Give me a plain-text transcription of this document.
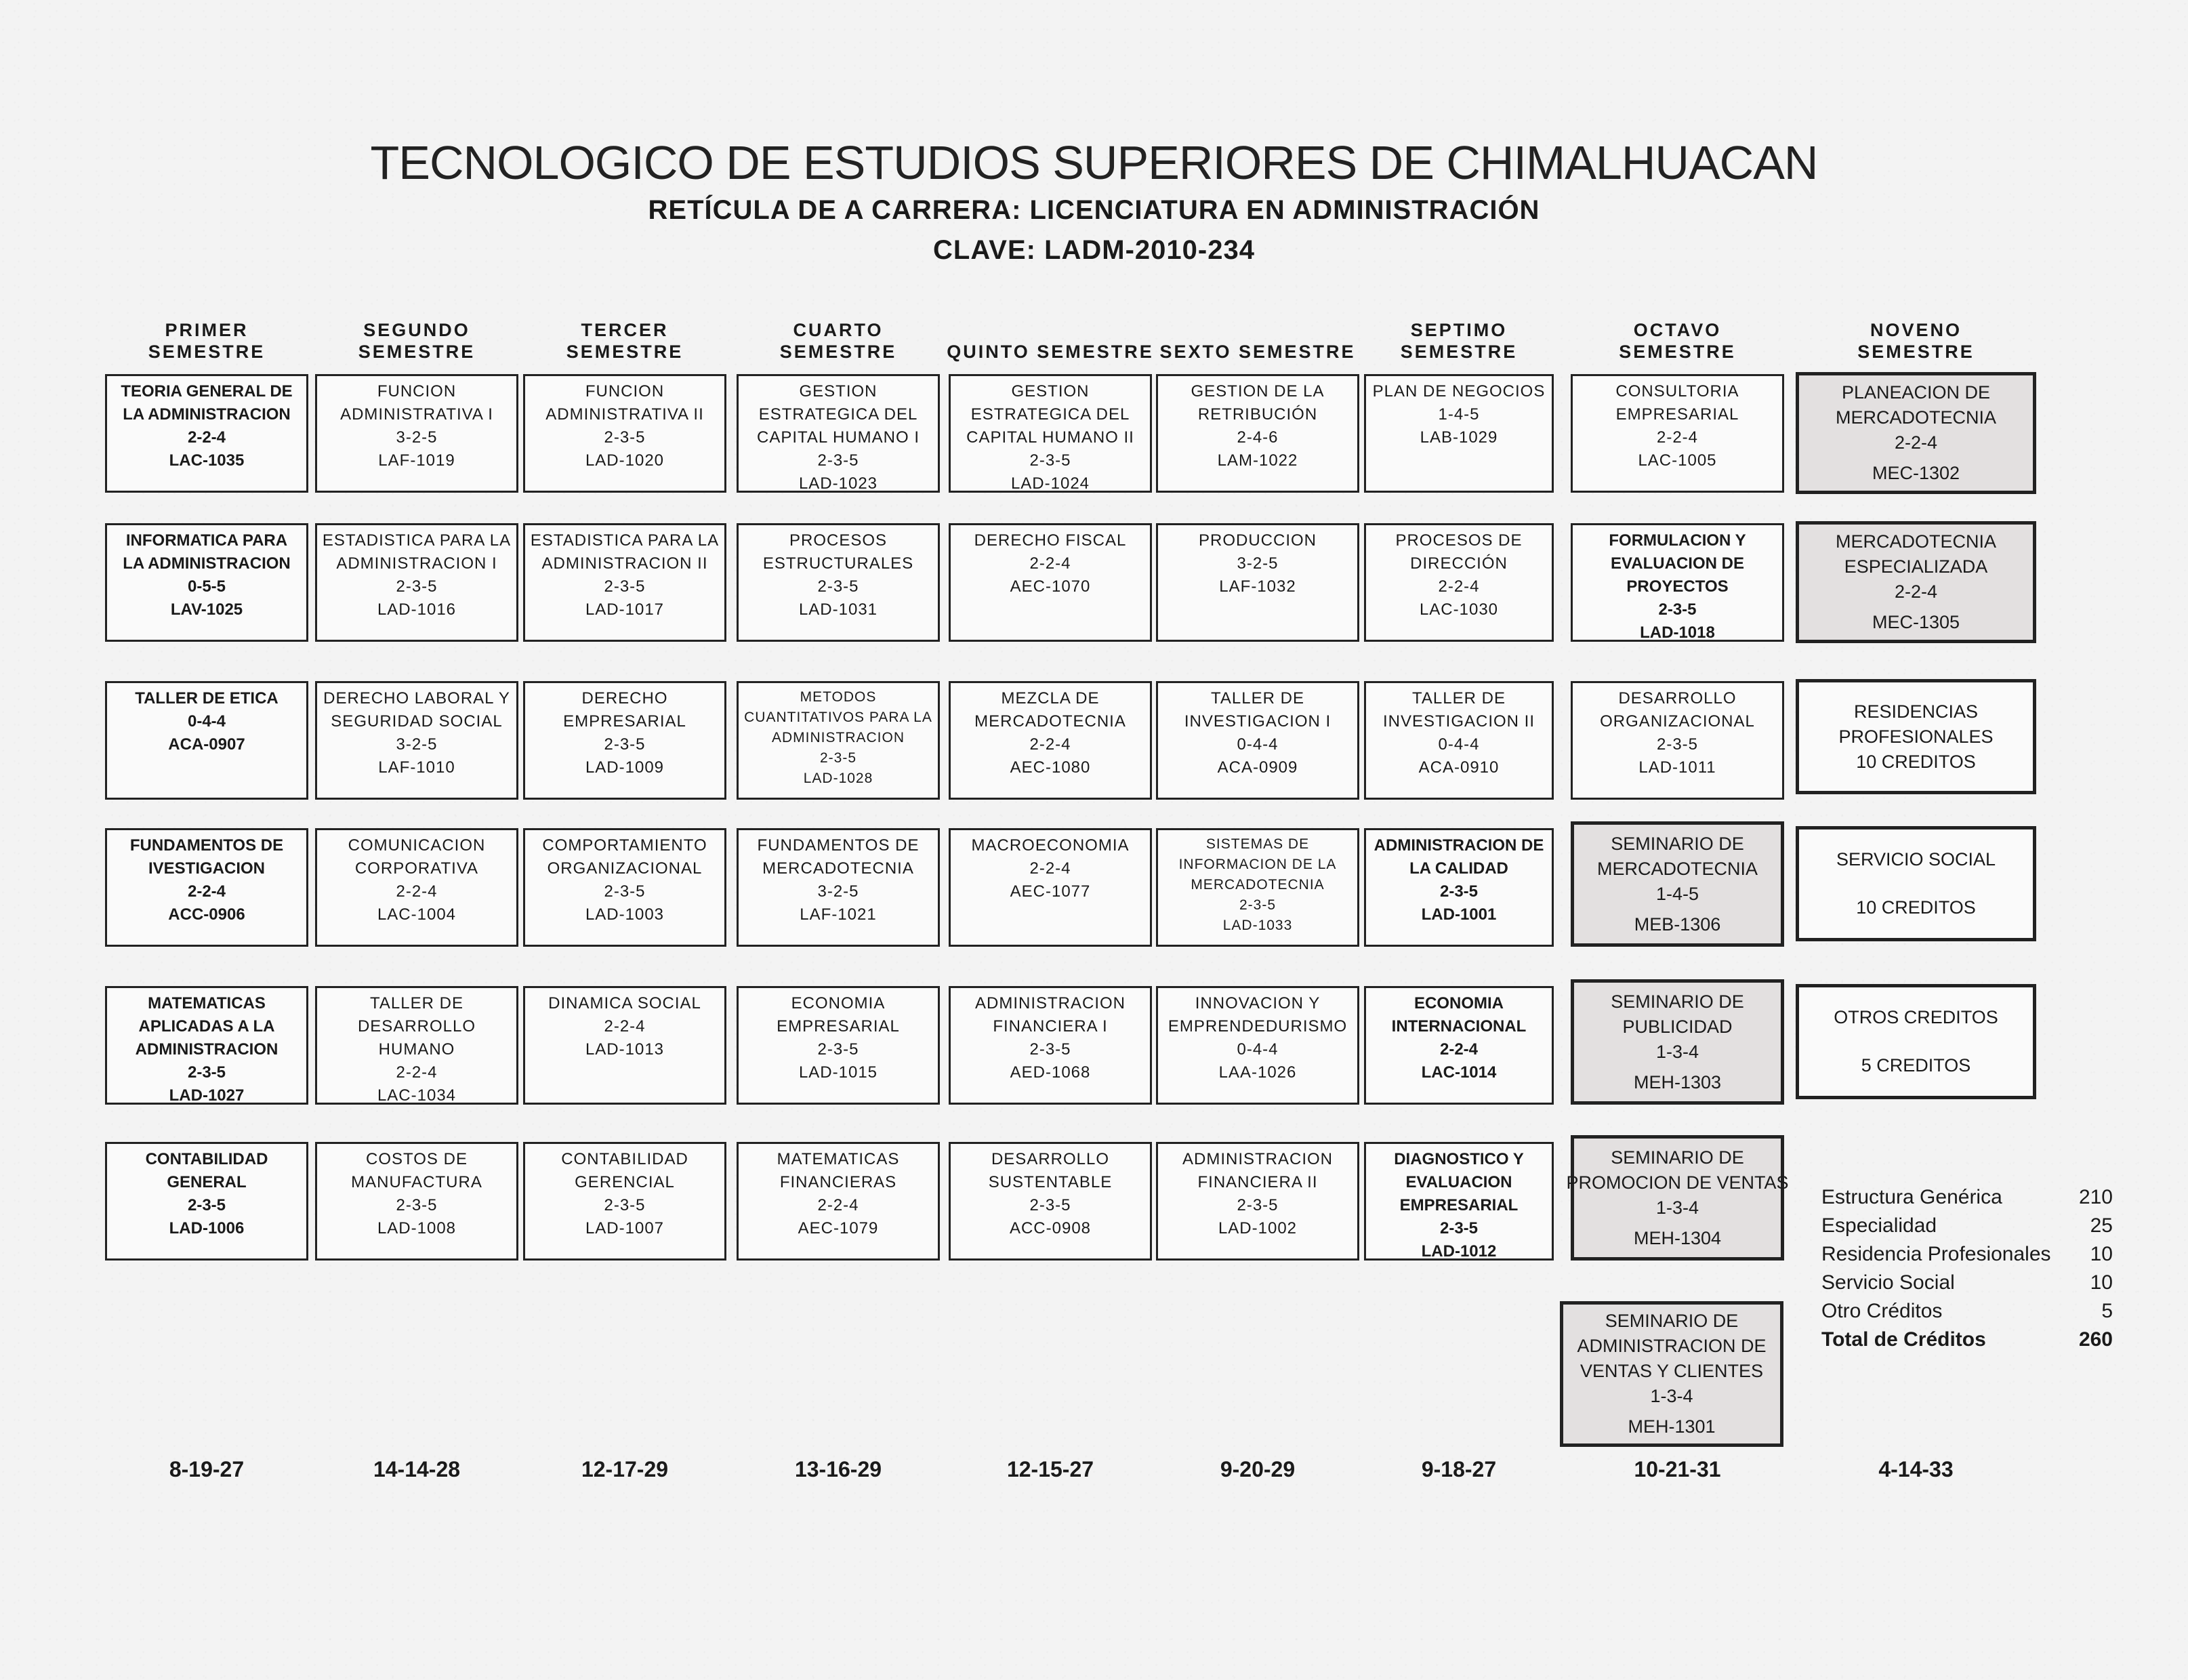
TECNOLOGICO DE ESTUDIOS SUPERIORES DE CHIMALHUACAN
RETÍCULA DE A CARRERA: LICENCIATURA EN ADMINISTRACIÓN
CLAVE: LADM-2010-234
PRIMER
SEMESTRE
TEORIA GENERAL DE
LA ADMINISTRACION
2-2-4
LAC-1035
INFORMATICA PARA
LA ADMINISTRACION
0-5-5
LAV-1025
TALLER DE ETICA
0-4-4
ACA-0907
FUNDAMENTOS DE
IVESTIGACION
2-2-4
ACC-0906
MATEMATICAS
APLICADAS A LA
ADMINISTRACION
2-3-5
LAD-1027
CONTABILIDAD
GENERAL
2-3-5
LAD-1006
8-19-27
SEGUNDO
SEMESTRE
FUNCION
ADMINISTRATIVA I
3-2-5
LAF-1019
ESTADISTICA PARA LA
ADMINISTRACION I
2-3-5
LAD-1016
DERECHO LABORAL Y
SEGURIDAD SOCIAL
3-2-5
LAF-1010
COMUNICACION
CORPORATIVA
2-2-4
LAC-1004
TALLER DE
DESARROLLO
HUMANO
2-2-4
LAC-1034
COSTOS DE
MANUFACTURA
2-3-5
LAD-1008
14-14-28
TERCER
SEMESTRE
FUNCION
ADMINISTRATIVA II
2-3-5
LAD-1020
ESTADISTICA PARA LA
ADMINISTRACION II
2-3-5
LAD-1017
DERECHO
EMPRESARIAL
2-3-5
LAD-1009
COMPORTAMIENTO
ORGANIZACIONAL
2-3-5
LAD-1003
DINAMICA SOCIAL
2-2-4
LAD-1013
CONTABILIDAD
GERENCIAL
2-3-5
LAD-1007
12-17-29
CUARTO
SEMESTRE
GESTION
ESTRATEGICA DEL
CAPITAL HUMANO I
2-3-5
LAD-1023
PROCESOS
ESTRUCTURALES
2-3-5
LAD-1031
METODOS
CUANTITATIVOS PARA LA
ADMINISTRACION
2-3-5
LAD-1028
FUNDAMENTOS DE
MERCADOTECNIA
3-2-5
LAF-1021
ECONOMIA
EMPRESARIAL
2-3-5
LAD-1015
MATEMATICAS
FINANCIERAS
2-2-4
AEC-1079
13-16-29
QUINTO SEMESTRE
GESTION
ESTRATEGICA DEL
CAPITAL HUMANO II
2-3-5
LAD-1024
DERECHO FISCAL
2-2-4
AEC-1070
MEZCLA DE
MERCADOTECNIA
2-2-4
AEC-1080
MACROECONOMIA
2-2-4
AEC-1077
ADMINISTRACION
FINANCIERA I
2-3-5
AED-1068
DESARROLLO
SUSTENTABLE
2-3-5
ACC-0908
12-15-27
SEXTO SEMESTRE
GESTION DE LA
RETRIBUCIÓN
2-4-6
LAM-1022
PRODUCCION
3-2-5
LAF-1032
TALLER DE
INVESTIGACION I
0-4-4
ACA-0909
SISTEMAS DE
INFORMACION DE LA
MERCADOTECNIA
2-3-5
LAD-1033
INNOVACION Y
EMPRENDEDURISMO
0-4-4
LAA-1026
ADMINISTRACION
FINANCIERA II
2-3-5
LAD-1002
9-20-29
SEPTIMO
SEMESTRE
PLAN DE NEGOCIOS
1-4-5
LAB-1029
PROCESOS DE
DIRECCIÓN
2-2-4
LAC-1030
TALLER DE
INVESTIGACION II
0-4-4
ACA-0910
ADMINISTRACION DE
LA CALIDAD
2-3-5
LAD-1001
ECONOMIA
INTERNACIONAL
2-2-4
LAC-1014
DIAGNOSTICO Y
EVALUACION
EMPRESARIAL
2-3-5
LAD-1012
9-18-27
OCTAVO SEMESTRE
CONSULTORIA
EMPRESARIAL
2-2-4
LAC-1005
FORMULACION Y
EVALUACION DE
PROYECTOS
2-3-5
LAD-1018
DESARROLLO
ORGANIZACIONAL
2-3-5
LAD-1011
SEMINARIO DE
MERCADOTECNIA
1-4-5
MEB-1306
SEMINARIO DE
PUBLICIDAD
1-3-4
MEH-1303
SEMINARIO DE
PROMOCION DE VENTAS
1-3-4
MEH-1304
SEMINARIO DE
ADMINISTRACION DE
VENTAS Y CLIENTES
1-3-4
MEH-1301
10-21-31
NOVENO SEMESTRE
PLANEACION DE
MERCADOTECNIA
2-2-4
MEC-1302
MERCADOTECNIA
ESPECIALIZADA
2-2-4
MEC-1305
RESIDENCIAS
PROFESIONALES
10 CREDITOS
SERVICIO SOCIAL
10 CREDITOS
OTROS CREDITOS
5 CREDITOS
4-14-33
Estructura Genérica	210
Especialidad	25
Residencia Profesionales 10
Servicio Social	10
Otro Créditos	5
Total de Créditos	260
